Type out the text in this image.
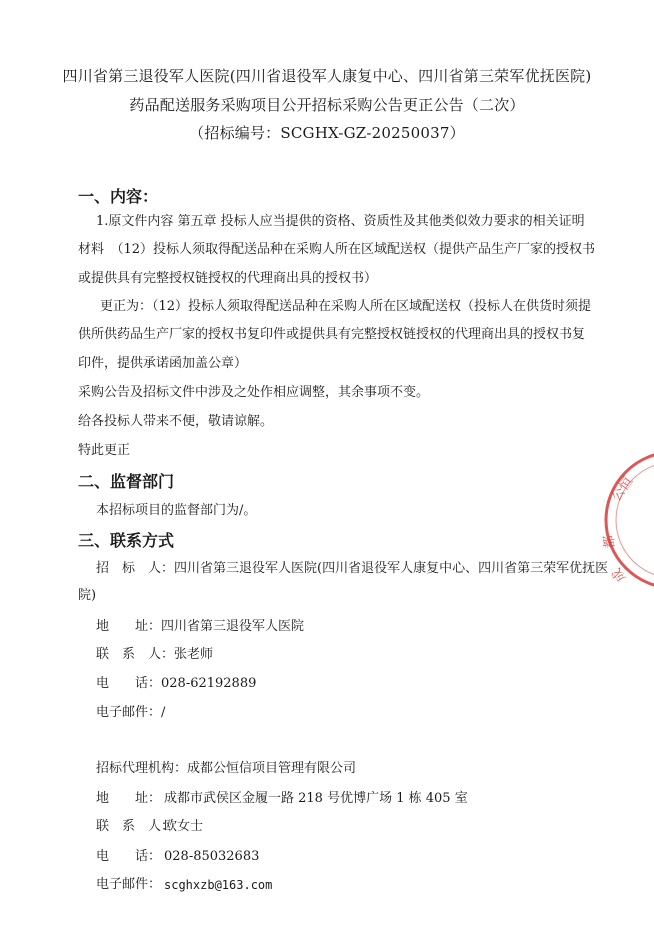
四川省第三退役军人医院(四川省退役军人康复中心、四川省第三荣军优抚医院)
药品配送服务采购项目公开招标采购公告更正公告（二次）
（招标编号：SCGHX-GZ-20250037）
一、内容：
1.原文件内容 第五章 投标人应当提供的资格、资质性及其他类似效力要求的相关证明
材料　（12）投标人须取得配送品种在采购人所在区域配送权（提供产品生产厂家的授权书
或提供具有完整授权链授权的代理商出具的授权书）
更正为：（12）投标人须取得配送品种在采购人所在区域配送权（投标人在供货时须提
供所供药品生产厂家的授权书复印件或提供具有完整授权链授权的代理商出具的授权书复
印件，提供承诺函加盖公章）
采购公告及招标文件中涉及之处作相应调整，其余事项不变。
给各投标人带来不便，敬请谅解。
特此更正
二、监督部门
本招标项目的监督部门为/。
三、联系方式
招　标　人：四川省第三退役军人医院(四川省退役军人康复中心、四川省第三荣军优抚医
院)
地　　址：四川省第三退役军人医院
联　系　人：张老师
电　　话：028-62192889
电子邮件：/
招标代理机构：成都公恒信项目管理有限公司
地　　址： 成都市武侯区金履一路 218 号优博广场 1 栋 405 室
联　系　人：
欧女士
电　　话： 028-85032683
电子邮件： scghxzb@163.com
公恒
都
成
